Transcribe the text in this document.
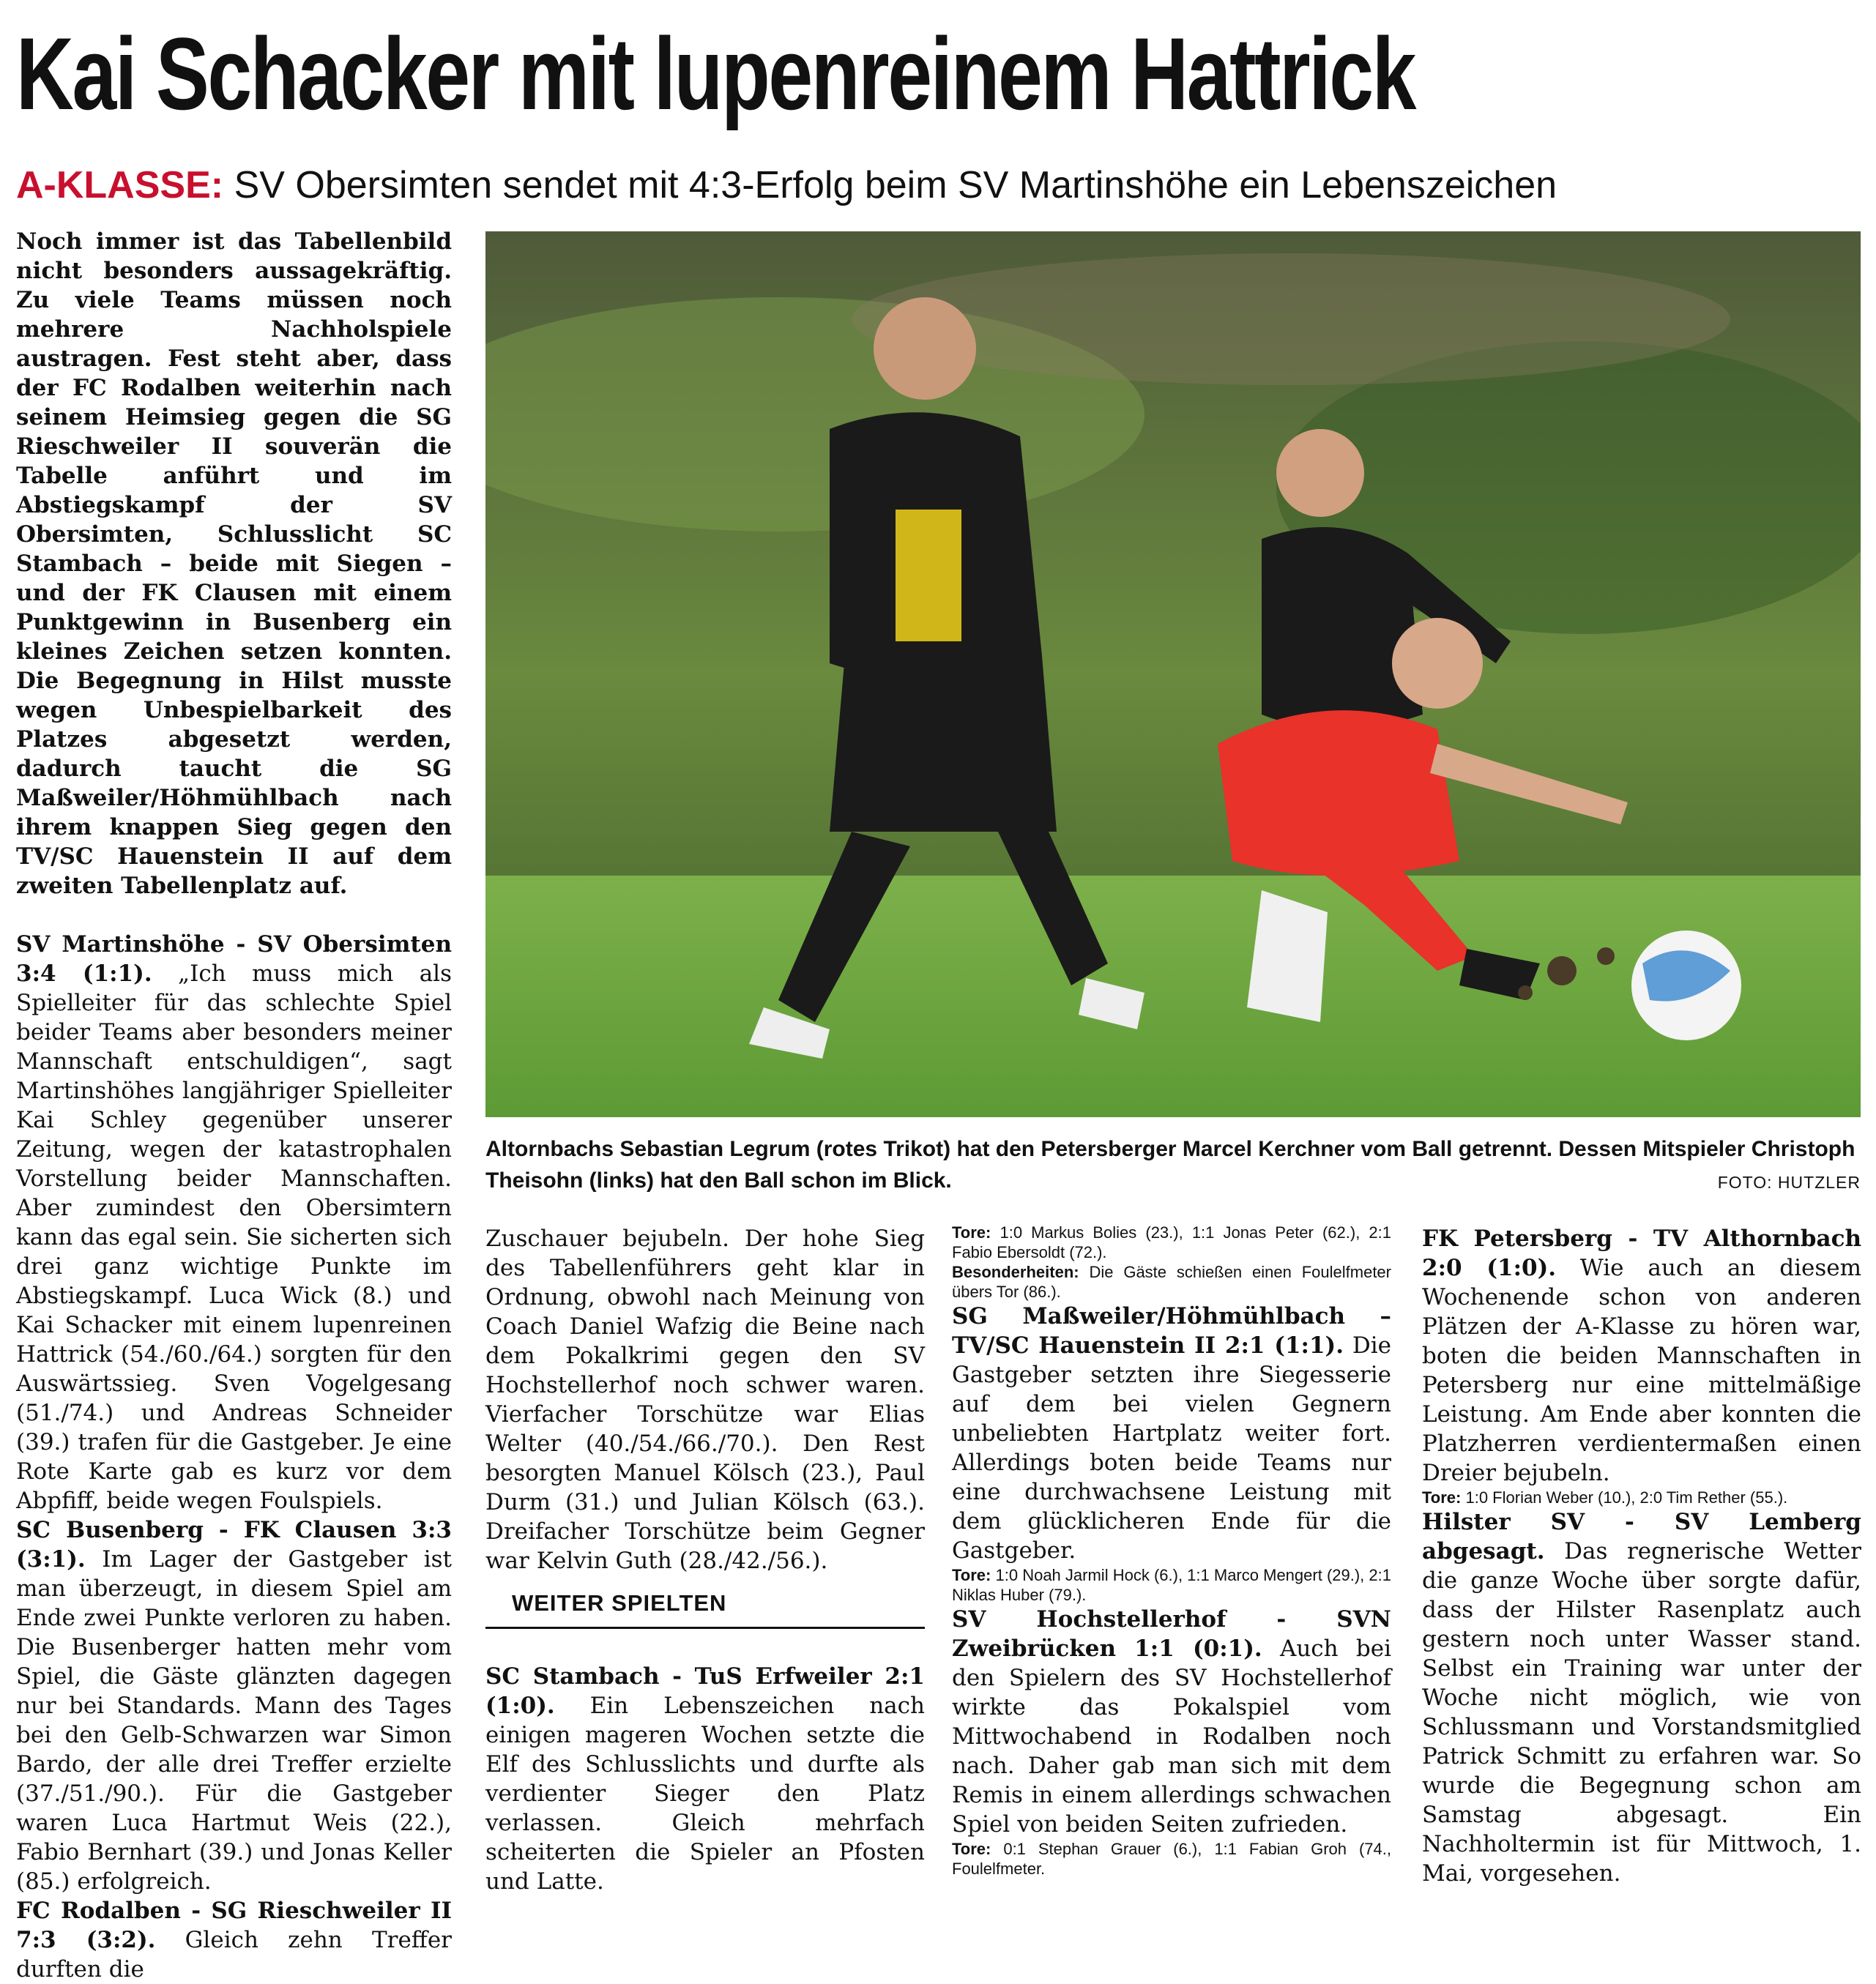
Kai Schacker mit lupenreinem Hattrick
A-KLASSE: SV Obersimten sendet mit 4:3-Erfolg beim SV Martinshöhe ein Lebenszeichen

Noch immer ist das Tabellenbild nicht besonders aussagekräftig. Zu viele Teams müssen noch mehrere Nachholspiele austragen. Fest steht aber, dass der FC Rodalben weiterhin nach seinem Heimsieg gegen die SG Rieschweiler II souverän die Tabelle anführt und im Abstiegskampf der SV Obersimten, Schlusslicht SC Stambach – beide mit Siegen – und der FK Clausen mit einem Punktgewinn in Busenberg ein kleines Zeichen setzen konnten. Die Begegnung in Hilst musste wegen Unbespielbarkeit des Platzes abgesetzt werden, dadurch taucht die SG Maßweiler/Höhmühlbach nach ihrem knappen Sieg gegen den TV/SC Hauenstein II auf dem zweiten Tabellenplatz auf.

SV Martinshöhe - SV Obersimten 3:4 (1:1). „Ich muss mich als Spielleiter für das schlechte Spiel beider Teams aber besonders meiner Mannschaft entschuldigen“, sagt Martinshöhes langjähriger Spielleiter Kai Schley gegenüber unserer Zeitung, wegen der katastrophalen Vorstellung beider Mannschaften. Aber zumindest den Obersimtern kann das egal sein. Sie sicherten sich drei ganz wichtige Punkte im Abstiegskampf. Luca Wick (8.) und Kai Schacker mit einem lupenreinen Hattrick (54./60./64.) sorgten für den Auswärtssieg. Sven Vogelgesang (51./74.) und Andreas Schneider (39.) trafen für die Gastgeber. Je eine Rote Karte gab es kurz vor dem Abpfiff, beide wegen Foulspiels.

SC Busenberg - FK Clausen 3:3 (3:1). Im Lager der Gastgeber ist man überzeugt, in diesem Spiel am Ende zwei Punkte verloren zu haben. Die Busenberger hatten mehr vom Spiel, die Gäste glänzten dagegen nur bei Standards. Mann des Tages bei den Gelb-Schwarzen war Simon Bardo, der alle drei Treffer erzielte (37./51./90.). Für die Gastgeber waren Luca Hartmut Weis (22.), Fabio Bernhart (39.) und Jonas Keller (85.) erfolgreich.

FC Rodalben - SG Rieschweiler II 7:3 (3:2). Gleich zehn Treffer durften die

Altornbachs Sebastian Legrum (rotes Trikot) hat den Petersberger Marcel Kerchner vom Ball getrennt. Dessen Mitspieler Christoph Theisohn (links) hat den Ball schon im Blick.	FOTO: HUTZLER

Zuschauer bejubeln. Der hohe Sieg des Tabellenführers geht klar in Ordnung, obwohl nach Meinung von Coach Daniel Wafzig die Beine nach dem Pokalkrimi gegen den SV Hochstellerhof noch schwer waren. Vierfacher Torschütze war Elias Welter (40./54./66./70.). Den Rest besorgten Manuel Kölsch (23.), Paul Durm (31.) und Julian Kölsch (63.). Dreifacher Torschütze beim Gegner war Kelvin Guth (28./42./56.).

WEITER SPIELTEN

SC Stambach - TuS Erfweiler 2:1 (1:0). Ein Lebenszeichen nach einigen mageren Wochen setzte die Elf des Schlusslichts und durfte als verdienter Sieger den Platz verlassen. Gleich mehrfach scheiterten die Spieler an Pfosten und Latte.

Tore: 1:0 Markus Bolies (23.), 1:1 Jonas Peter (62.), 2:1 Fabio Ebersoldt (72.).

Besonderheiten: Die Gäste schießen einen Foulelfmeter übers Tor (86.).

SG Maßweiler/Höhmühlbach – TV/SC Hauenstein II 2:1 (1:1). Die Gastgeber setzten ihre Siegesserie auf dem bei vielen Gegnern unbeliebten Hartplatz weiter fort. Allerdings boten beide Teams nur eine durchwachsene Leistung mit dem glücklicheren Ende für die Gastgeber.

Tore: 1:0 Noah Jarmil Hock (6.), 1:1 Marco Mengert (29.), 2:1 Niklas Huber (79.).

SV Hochstellerhof - SVN Zweibrücken 1:1 (0:1). Auch bei den Spielern des SV Hochstellerhof wirkte das Pokalspiel vom Mittwochabend in Rodalben noch nach. Daher gab man sich mit dem Remis in einem allerdings schwachen Spiel von beiden Seiten zufrieden.

Tore: 0:1 Stephan Grauer (6.), 1:1 Fabian Groh (74., Foulelfmeter.

FK Petersberg - TV Althornbach 2:0 (1:0). Wie auch an diesem Wochenende schon von anderen Plätzen der A-Klasse zu hören war, boten die beiden Mannschaften in Petersberg nur eine mittelmäßige Leistung. Am Ende aber konnten die Platzherren verdientermaßen einen Dreier bejubeln.

Tore: 1:0 Florian Weber (10.), 2:0 Tim Rether (55.).

Hilster SV - SV Lemberg abgesagt. Das regnerische Wetter die ganze Woche über sorgte dafür, dass der Hilster Rasenplatz auch gestern noch unter Wasser stand. Selbst ein Training war unter der Woche nicht möglich, wie von Schlussmann und Vorstandsmitglied Patrick Schmitt zu erfahren war. So wurde die Begegnung schon am Samstag abgesagt. Ein Nachholtermin ist für Mittwoch, 1. Mai, vorgesehen.
